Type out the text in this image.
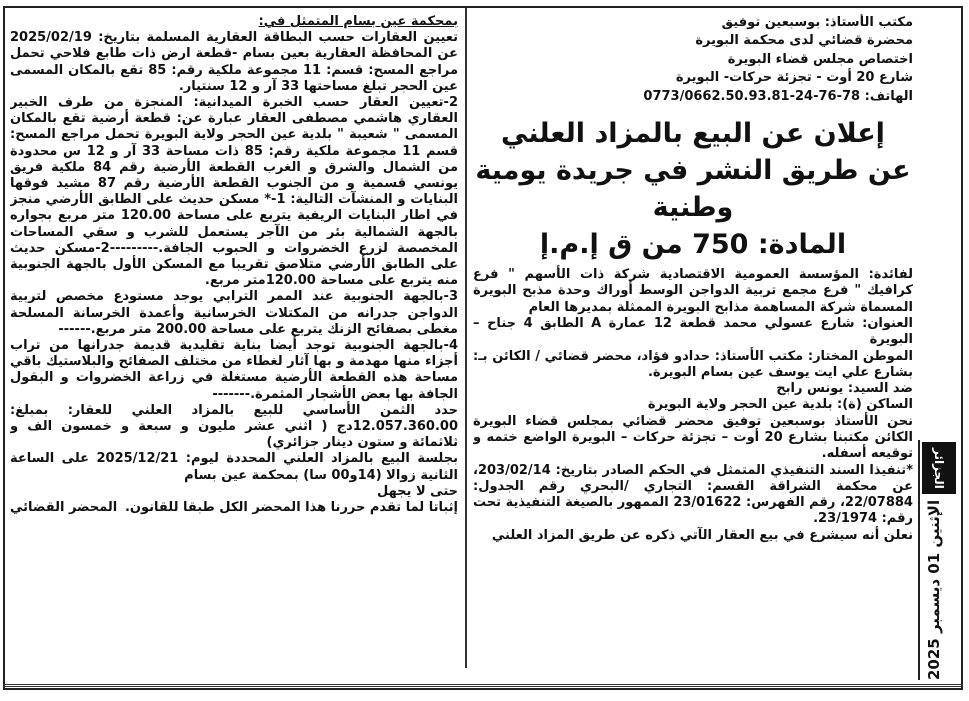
بمحكمة عين بسام المتمثل في:

تعيين العقارات حسب البطاقة العقارية المسلمة بتاريخ: 2025/02/19 عن المحافظة العقارية بعين بسام -قطعة ارض ذات طابع فلاحي تحمل مراجع المسح: قسم: 11 مجموعة ملكية رقم: 85 تقع بالمكان المسمى عين الحجر تبلغ مساحتها 33 آر و 12 سنتيار.

2-تعيين العقار حسب الخبرة الميدانية: المنجزة من طرف الخبير العقاري هاشمي مصطفى العقار عبارة عن: قطعة أرضية تقع بالمكان المسمى " شعيبة " بلدية عين الحجر ولاية البويرة تحمل مراجع المسح: قسم 11 مجموعة ملكية رقم: 85 ذات مساحة 33 آر و 12 س محدودة من الشمال والشرق و الغرب القطعة الأرضية رقم 84 ملكية فريق يونسي قسمية و من الجنوب القطعة الأرضية رقم 87 مشيد فوقها البنايات و المنشآت التالية: 1-* مسكن حديث على الطابق الأرضي منجز في اطار البنايات الريفية يتربع على مساحة 120.00 متر مربع بجواره بالجهة الشمالية بئر من الآجر يستعمل للشرب و سقي المساحات المخصصة لزرع الخضروات و الحبوب الجافة.---------2-مسكن حديث على الطابق الأرضي متلاصق تقريبا مع المسكن الأول بالجهة الجنوبية منه يتربع على مساحة 120.00متر مربع.

3-بالجهة الجنوبية عند الممر الترابي يوجد مستودع مخصص لتربية الدواجن جدرانه من المكتلات الخرسانية وأعمدة الخرسانة المسلحة مغطى بصفائح الزنك يتربع على مساحة 200.00 متر مربع.------

4-بالجهة الجنوبية توجد أيضا بناية تقليدية قديمة جدرانها من تراب أجزاء منها مهدمة و بها آثار لغطاء من مختلف الصفائح والبلاستيك باقي مساحة هذه القطعة الأرضية مستغلة في زراعة الخضروات و البقول الجافة بها بعض الأشجار المثمرة.-------

حدد الثمن الأساسي للبيع بالمزاد العلني للعقار: بمبلغ: 12.057.360.00دج ( اثني عشر مليون و سبعة و خمسون الف و ثلاثمائة و ستون دينار جزائري)

بجلسة البيع بالمزاد العلني المحددة ليوم: 2025/12/21 على الساعة الثانية زوالا (14و00 سا) بمحكمة عين بسام

حتى لا يجهل

إثباتا لما تقدم حررنا هذا المحضر الكل طبقا للقانون.
المحضر القضائي

مكتب الأستاذ: بوسبعين توفيق

محضرة قضائي لدى محكمة البويرة

اختصاص مجلس قضاء البويرة

شارع 20 أوت - تجزئة حركات- البويرة

الهاتف: 78-76-24-0773/0662.50.93.81

إعلان عن البيع بالمزاد العلني
عن طريق النشر في جريدة يومية
وطنية
المادة: 750 من ق إ.م.إ

لفائدة: المؤسسة العمومية الاقتصادية شركة ذات الأسهم " فرع كرافيك " فرع مجمع تربية الدواجن الوسط أوراك وحدة مذبح البويرة المسماة شركة المساهمة مذابح البويرة الممثلة بمديرها العام

العنوان: شارع عسولي محمد قطعة 12 عمارة A الطابق 4 جناح – البويرة

الموطن المختار: مكتب الأستاذ: حدادو فؤاد، محضر قضائي / الكائن بـ: بشارع علي ايت يوسف عين بسام البويرة.

ضد السيد: يونس رابح

الساكن (ة): بلدية عين الحجر ولاية البويرة

نحن الأستاذ بوسبعين توفيق محضر قضائي بمجلس قضاء البويرة الكائن مكتبنا بشارع 20 أوت – تجزئة حركات – البويرة الواضع ختمه و توقيعه أسفله.

*تنفيذا السند التنفيذي المتمثل في الحكم الصادر بتاريخ: 203/02/14، عن محكمة الشراقة القسم: التجاري /البحري رقم الجدول: 22/07884، رقم الفهرس: 23/01622 الممهور بالصيغة التنفيذية تحت رقم: 23/1974.

نعلن أنه سيشرع في بيع العقار الآتي ذكره عن طريق المزاد العلني

الجزائر
الإثنين 01 ديسمبر 2025
